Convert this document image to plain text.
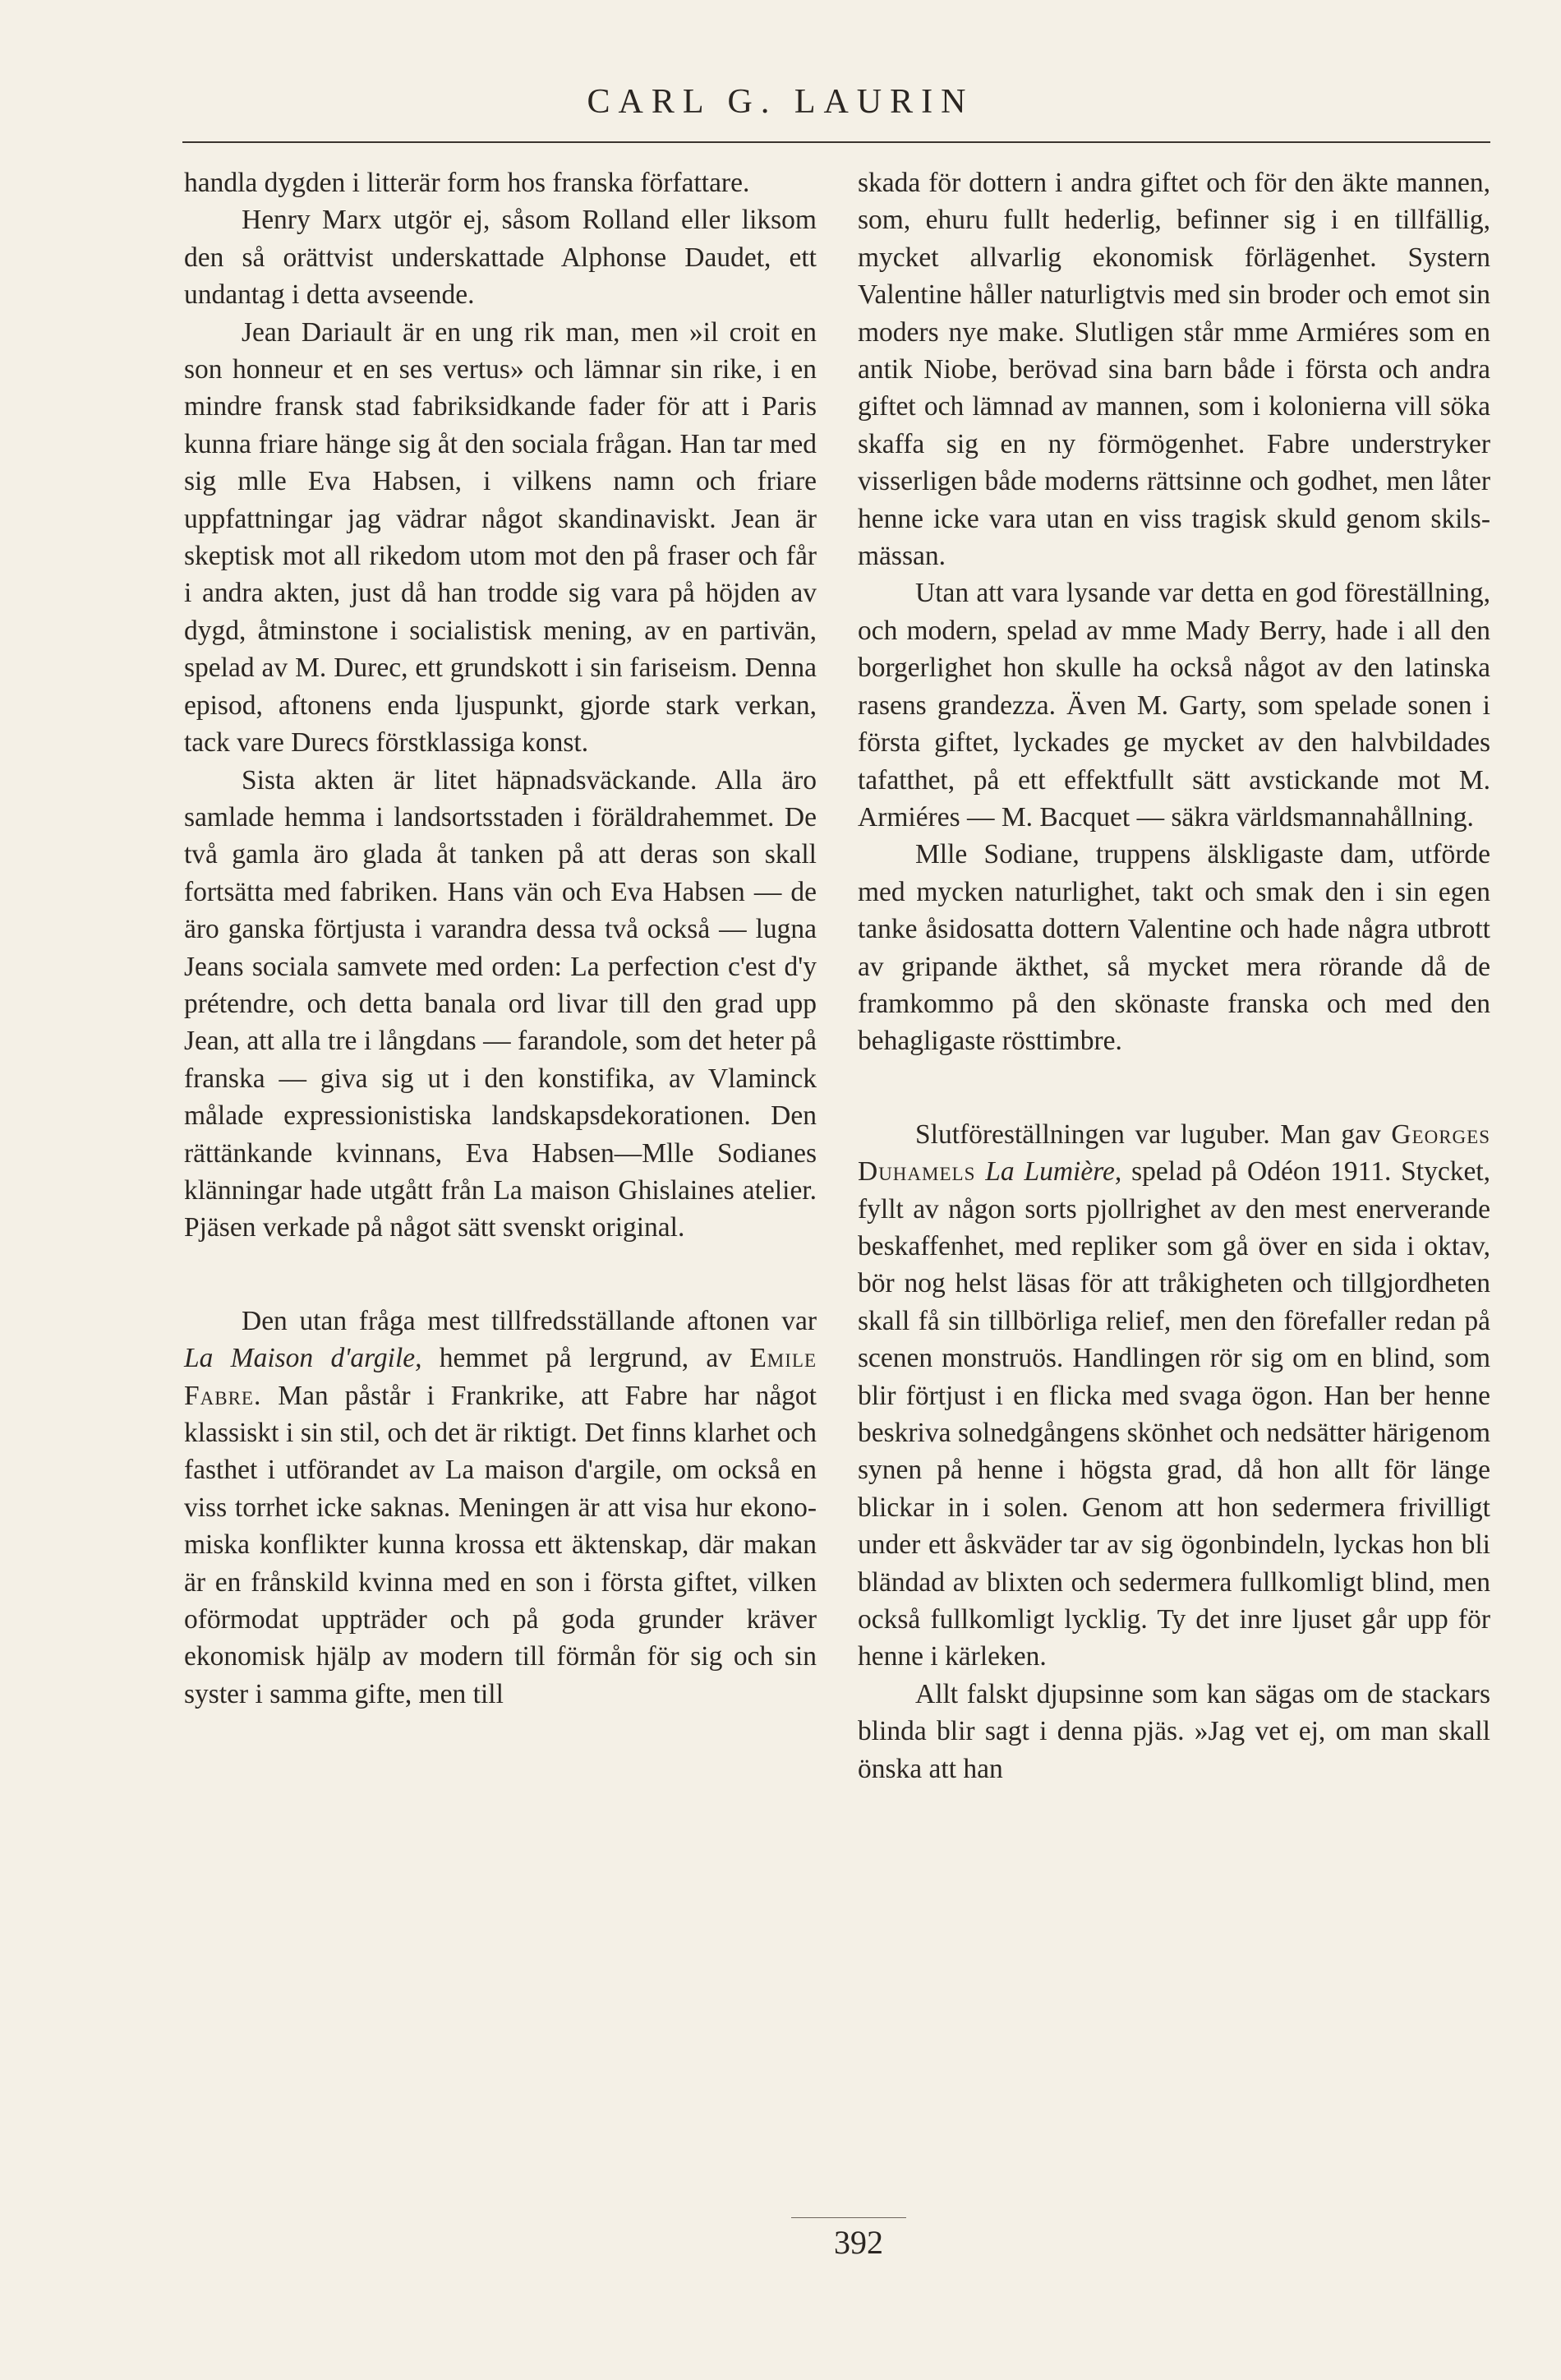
CARL G. LAURIN

handla dygden i litterär form hos franska författare.

Henry Marx utgör ej, såsom Rolland eller liksom den så orättvist underskattade Alphonse Daudet, ett undantag i detta avseende.

Jean Dariault är en ung rik man, men »il croit en son honneur et en ses vertus» och lämnar sin rike, i en mindre fransk stad fabriksidkande fader för att i Paris kunna friare hänge sig åt den sociala frågan. Han tar med sig mlle Eva Habsen, i vilkens namn och friare uppfattningar jag vädrar något skandinaviskt. Jean är skeptisk mot all rikedom utom mot den på fraser och får i andra akten, just då han trodde sig vara på höjden av dygd, åtminstone i socialistisk mening, av en partivän, spelad av M. Durec, ett grundskott i sin fariseism. Denna episod, aftonens enda ljuspunkt, gjorde stark verkan, tack vare Durecs förstklassiga konst.

Sista akten är litet häpnadsväckande. Alla äro samlade hemma i landsortsstaden i föräldrahemmet. De två gamla äro glada åt tanken på att deras son skall fortsätta med fabriken. Hans vän och Eva Habsen — de äro ganska förtjusta i varandra dessa två också — lugna Jeans sociala samvete med orden: La perfection c'est d'y prétendre, och detta banala ord livar till den grad upp Jean, att alla tre i långdans — farandole, som det heter på franska — giva sig ut i den konstifika, av Vlaminck målade expressionistiska landskapsdekorationen. Den rättänkande kvinnans, Eva Habsen—Mlle Sodianes klänningar hade utgått från La maison Ghislaines atelier. Pjäsen verkade på något sätt svenskt original.

Den utan fråga mest tillfredsställande aftonen var La Maison d'argile, hemmet på lergrund, av Emile Fabre. Man påstår i Frankrike, att Fabre har något klassiskt i sin stil, och det är riktigt. Det finns klarhet och fasthet i utförandet av La maison d'argile, om också en viss torrhet icke saknas. Meningen är att visa hur ekonomiska konflikter kunna krossa ett äktenskap, där makan är en frånskild kvinna med en son i första giftet, vilken oförmodat uppträder och på goda grunder kräver ekonomisk hjälp av modern till förmån för sig och sin syster i samma gifte, men till

skada för dottern i andra giftet och för den äkte mannen, som, ehuru fullt hederlig, befinner sig i en tillfällig, mycket allvarlig ekonomisk förlägenhet. Systern Valentine håller naturligtvis med sin broder och emot sin moders nye make. Slutligen står mme Armiéres som en antik Niobe, berövad sina barn både i första och andra giftet och lämnad av mannen, som i kolonierna vill söka skaffa sig en ny förmögenhet. Fabre understryker visserligen både moderns rättsinne och godhet, men låter henne icke vara utan en viss tragisk skuld genom skilsmässan.

Utan att vara lysande var detta en god föreställning, och modern, spelad av mme Mady Berry, hade i all den borgerlighet hon skulle ha också något av den latinska rasens grandezza. Även M. Garty, som spelade sonen i första giftet, lyckades ge mycket av den halvbildades tafatthet, på ett effektfullt sätt avstickande mot M. Armiéres — M. Bacquet — säkra världsmannahållning.

Mlle Sodiane, truppens älskligaste dam, utförde med mycken naturlighet, takt och smak den i sin egen tanke åsidosatta dottern Valentine och hade några utbrott av gripande äkthet, så mycket mera rörande då de framkommo på den skönaste franska och med den behagligaste rösttimbre.

Slutföreställningen var luguber. Man gav Georges Duhamels La Lumière, spelad på Odéon 1911. Stycket, fyllt av någon sorts pjollrighet av den mest enerverande beskaffenhet, med repliker som gå över en sida i oktav, bör nog helst läsas för att tråkigheten och tillgjordheten skall få sin tillbörliga relief, men den förefaller redan på scenen monstruös. Handlingen rör sig om en blind, som blir förtjust i en flicka med svaga ögon. Han ber henne beskriva solnedgångens skönhet och nedsätter härigenom synen på henne i högsta grad, då hon allt för länge blickar in i solen. Genom att hon sedermera frivilligt under ett åskväder tar av sig ögonbindeln, lyckas hon bli bländad av blixten och sedermera fullkomligt blind, men också fullkomligt lycklig. Ty det inre ljuset går upp för henne i kärleken.

Allt falskt djupsinne som kan sägas om de stackars blinda blir sagt i denna pjäs. »Jag vet ej, om man skall önska att han

392
